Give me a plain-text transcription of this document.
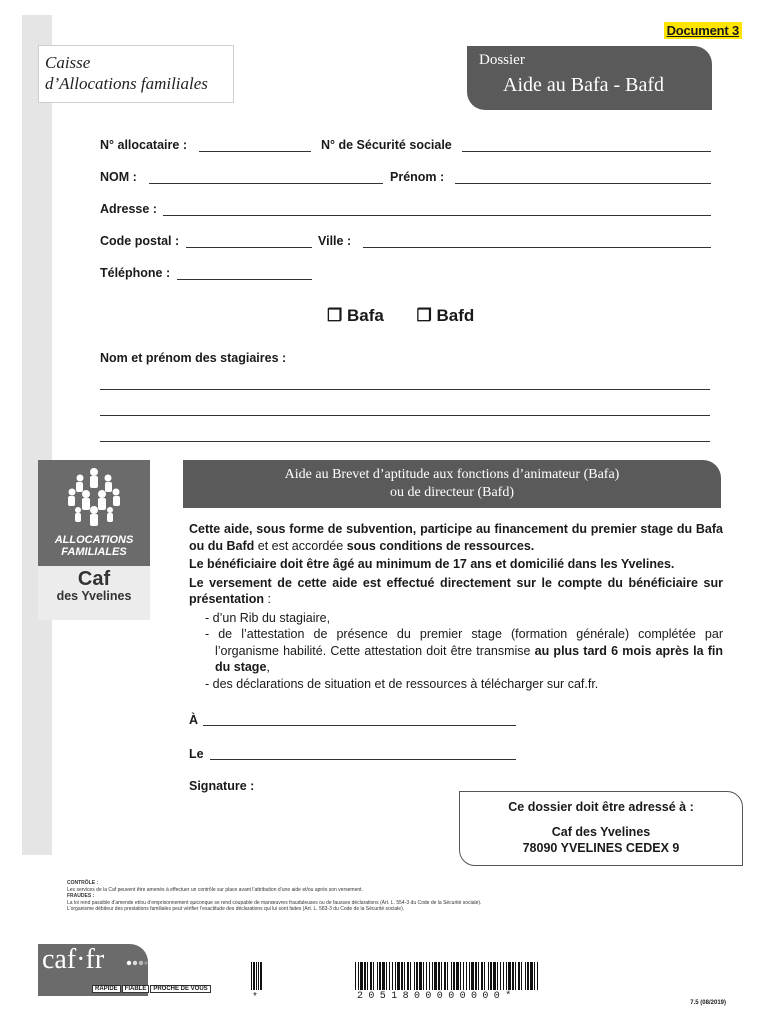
Document 3
Caisse
d’Allocations familiales
Dossier
Aide au Bafa - Bafd
N° allocataire :	N° de Sécurité sociale
NOM :	Prénom :
Adresse :
Code postal :	Ville :
Téléphone :
❒ Bafa ❒ Bafd
Nom et prénom des stagiaires :
ALLOCATIONS
FAMILIALES
Caf
des Yvelines
Aide au Brevet d’aptitude aux fonctions d’animateur (Bafa)
ou de directeur (Bafd)

Cette aide, sous forme de subvention, participe au financement du premier stage du Bafa ou du Bafd et est accordée sous conditions de ressources.

Le bénéficiaire doit être âgé au minimum de 17 ans et domicilié dans les Yvelines.

Le versement de cette aide est effectué directement sur le compte du bénéficiaire sur présentation :

- d’un Rib du stagiaire,
- de l’attestation de présence du premier stage (formation générale) complétée par l’organisme habilité. Cette attestation doit être transmise au plus tard 6 mois après la fin du stage,
- des déclarations de situation et de ressources à télécharger sur caf.fr.
À
Le
Signature :
Ce dossier doit être adressé à :
Caf des Yvelines
78090 YVELINES CEDEX 9
CONTRÔLE :
Les services de la Caf peuvent être amenés à effectuer un contrôle sur place avant l’attribution d’une aide et/ou après son versement.
FRAUDES :
La loi rend passible d’amende et/ou d’emprisonnement quiconque se rend coupable de manœuvres frauduleuses ou de fausses déclarations (Art. L. 554-3 du Code de la Sécurité sociale).
L’organisme débiteur des prestations familiales peut vérifier l’exactitude des déclarations qui lui sont faites (Art. L. 583-3 du Code de la Sécurité sociale).
caf·fr
RAPIDE FIABLE PROCHE DE VOUS
*	2051800000000*
7.5 (08/2019)
